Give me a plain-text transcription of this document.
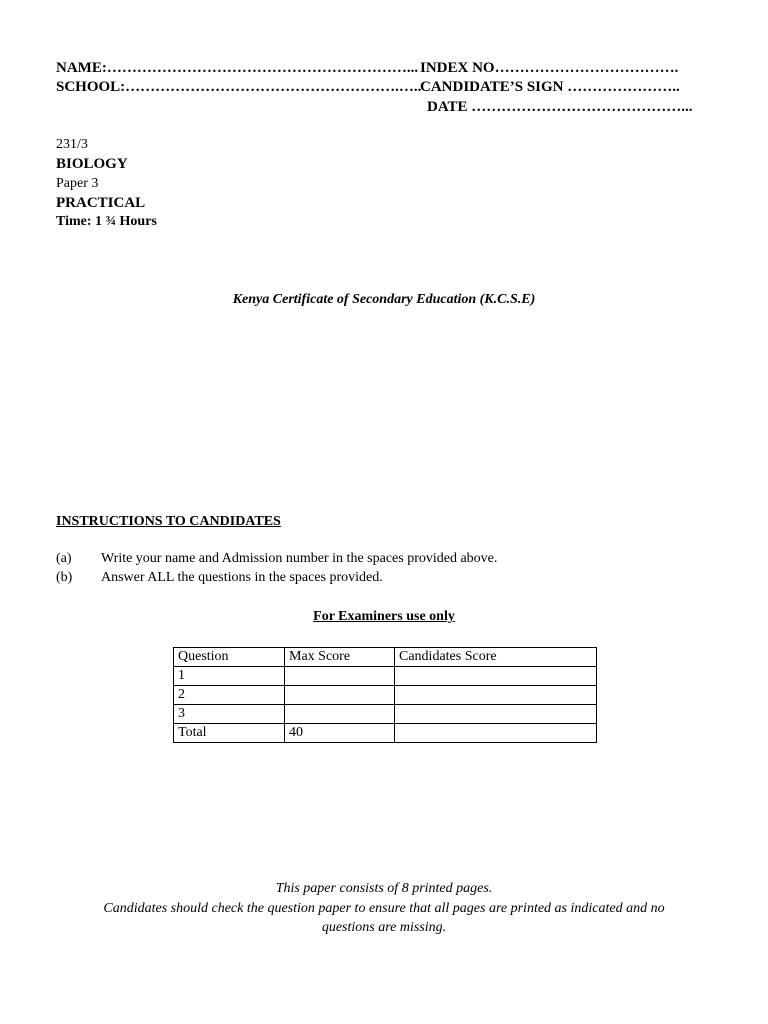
NAME:……………………………………………………... INDEX NO……………………………….
SCHOOL:……………………………………………….…..
CANDIDATE’S SIGN …………………..
DATE ……………………………………...
231/3
BIOLOGY
Paper 3
PRACTICAL
Time: 1 ¾ Hours
Kenya Certificate of Secondary Education (K.C.S.E)
INSTRUCTIONS TO CANDIDATES
(a) Write your name and Admission number in the spaces provided above.
(b) Answer ALL the questions in the spaces provided.
For Examiners use only
Question	Max Score	Candidates Score
1		
2		
3		
Total	40	
This paper consists of 8 printed pages.
Candidates should check the question paper to ensure that all pages are printed as indicated and no
questions are missing.
